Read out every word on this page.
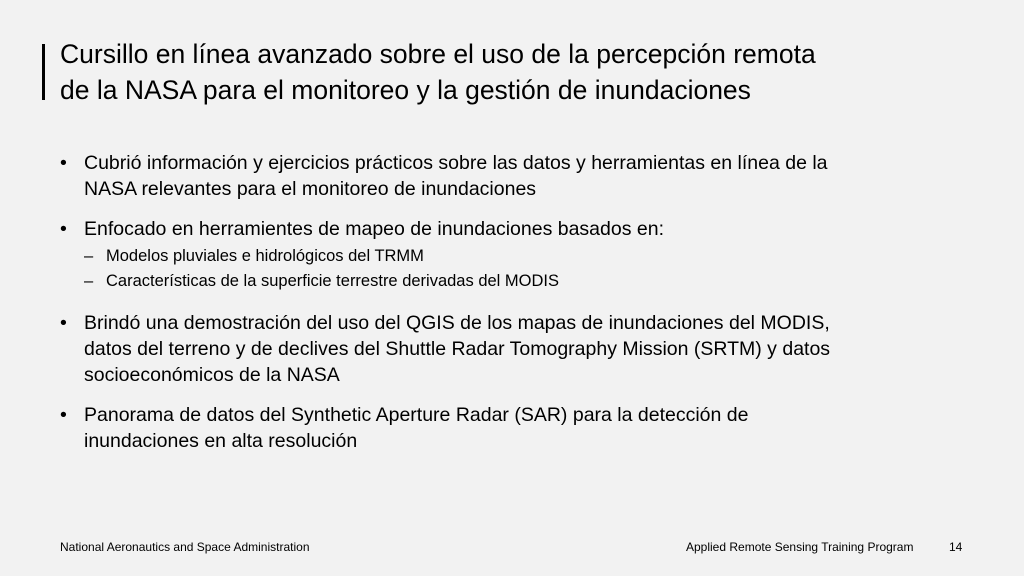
Cursillo en línea avanzado sobre el uso de la percepción remota
de la NASA para el monitoreo y la gestión de inundaciones
• Cubrió información y ejercicios prácticos sobre las datos y herramientas en línea de la
NASA relevantes para el monitoreo de inundaciones
• Enfocado en herramientes de mapeo de inundaciones basados en:
– Modelos pluviales e hidrológicos del TRMM
– Características de la superficie terrestre derivadas del MODIS
• Brindó una demostración del uso del QGIS de los mapas de inundaciones del MODIS,
datos del terreno y de declives del Shuttle Radar Tomography Mission (SRTM) y datos
socioeconómicos de la NASA
• Panorama de datos del Synthetic Aperture Radar (SAR) para la detección de
inundaciones en alta resolución
National Aeronautics and Space Administration	Applied Remote Sensing Training Program	14
